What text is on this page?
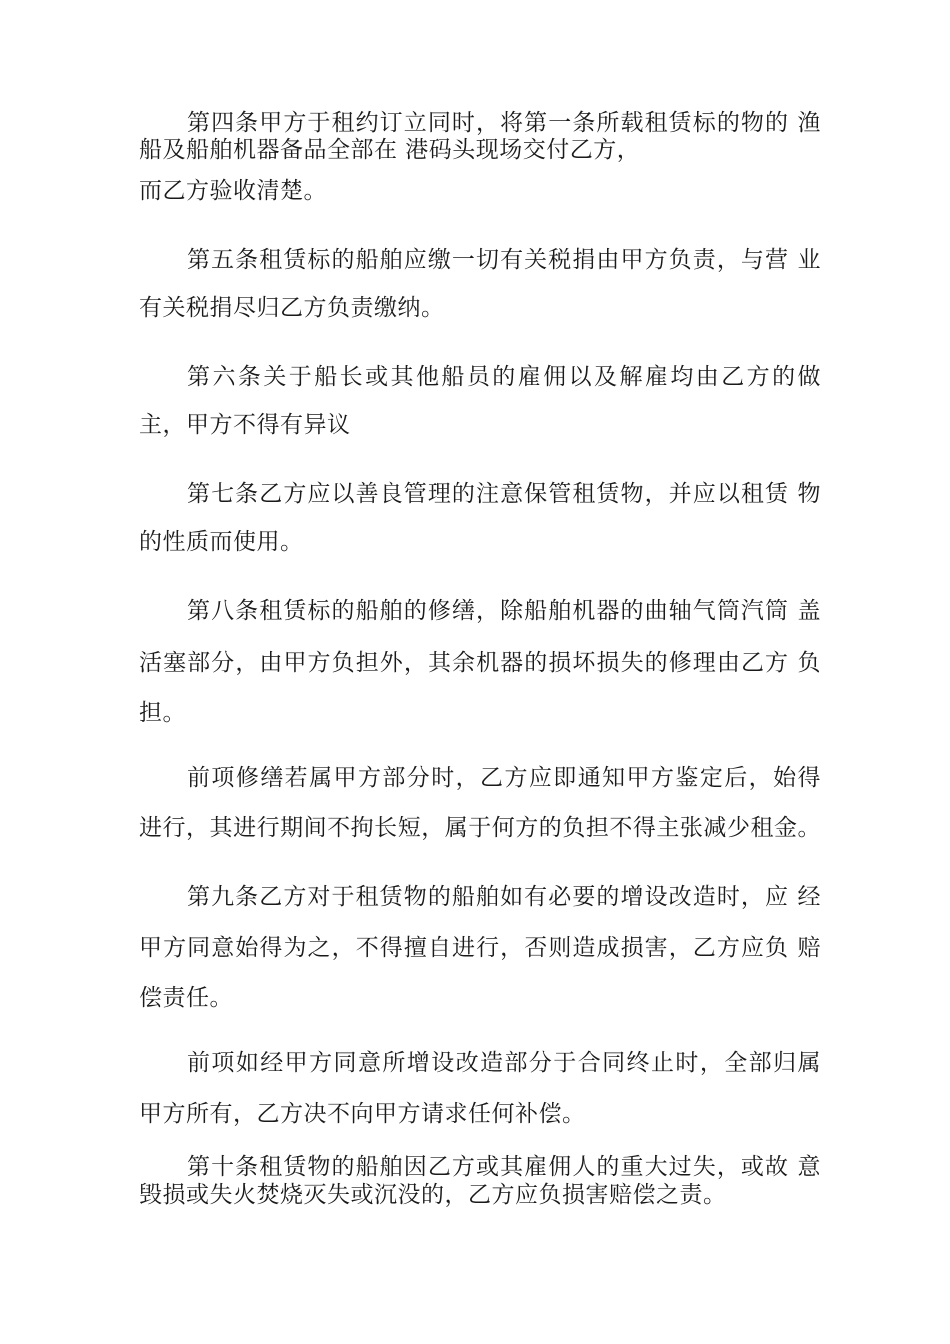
第四条甲方于租约订立同时，将第一条所载租赁标的物的 渔
船及船舶机器备品全部在 港码头现场交付乙方，
而乙方验收清楚。
第五条租赁标的船舶应缴一切有关税捐由甲方负责，与营 业
有关税捐尽归乙方负责缴纳。
第六条关于船长或其他船员的雇佣以及解雇均由乙方的做
主，甲方不得有异议
第七条乙方应以善良管理的注意保管租赁物，并应以租赁 物
的性质而使用。
第八条租赁标的船舶的修缮，除船舶机器的曲轴气筒汽筒 盖
活塞部分，由甲方负担外，其余机器的损坏损失的修理由乙方 负
担。
前项修缮若属甲方部分时，乙方应即通知甲方鉴定后，始得
进行，其进行期间不拘长短，属于何方的负担不得主张减少租金。
第九条乙方对于租赁物的船舶如有必要的增设改造时，应 经
甲方同意始得为之，不得擅自进行，否则造成损害，乙方应负 赔
偿责任。
前项如经甲方同意所增设改造部分于合同终止时，全部归属
甲方所有，乙方决不向甲方请求任何补偿。
第十条租赁物的船舶因乙方或其雇佣人的重大过失，或故 意
毁损或失火焚烧灭失或沉没的，乙方应负损害赔偿之责。
